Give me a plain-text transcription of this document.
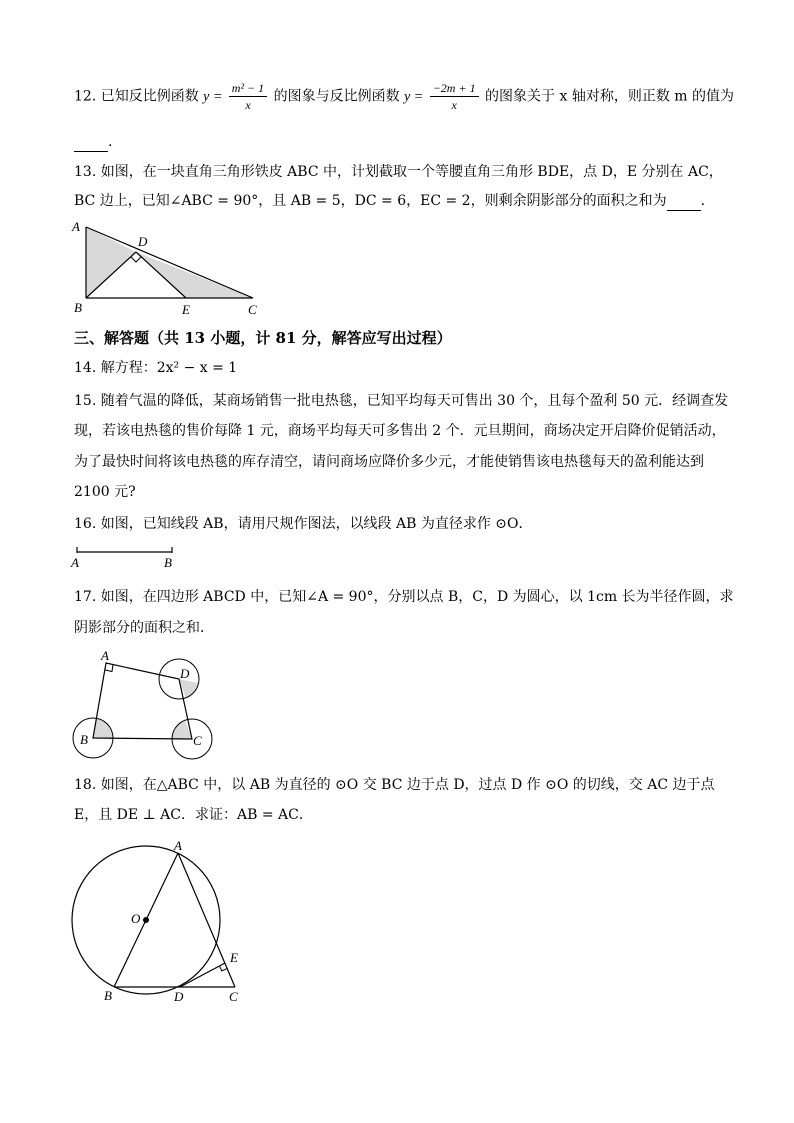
12. 已知反比例函数 $y = \frac{\text{m² − 1}}{x}$ 的图象与反比例函数 $y = \frac{-2m + 1}{x}$ 的图象关于 x 轴对称，则正数 m 的值为
.
13. 如图，在一块直角三角形铁皮 ABC 中，计划截取一个等腰直角三角形 BDE，点 D，E 分别在 AC，
BC 边上，已知∠ABC = 90°，且 AB = 5，DC = 6，EC = 2，则剩余阴影部分的面积之和为 .
A
B	C
D
E
三、解答题（共 13 小题，计 81 分，解答应写出过程）
14. 解方程：2x² − x = 1
15. 随着气温的降低，某商场销售一批电热毯，已知平均每天可售出 30 个，且每个盈利 50 元．经调查发
现，若该电热毯的售价每降 1 元，商场平均每天可多售出 2 个．元旦期间，商场决定开启降价促销活动，
为了最快时间将该电热毯的库存清空，请问商场应降价多少元，才能使销售该电热毯每天的盈利能达到
2100 元?
16. 如图，已知线段 AB，请用尺规作图法，以线段 AB 为直径求作 ⊙O．
A	B
17. 如图，在四边形 ABCD 中，已知∠A = 90°，分别以点 B，C，D 为圆心，以 1cm 长为半径作圆，求
阴影部分的面积之和．
A
B	C
D
18. 如图，在△ABC 中，以 AB 为直径的 ⊙O 交 BC 边于点 D，过点 D 作 ⊙O 的切线，交 AC 边于点
E，且 DE ⊥ AC．求证：AB = AC．
A
B	C
D
E
O
